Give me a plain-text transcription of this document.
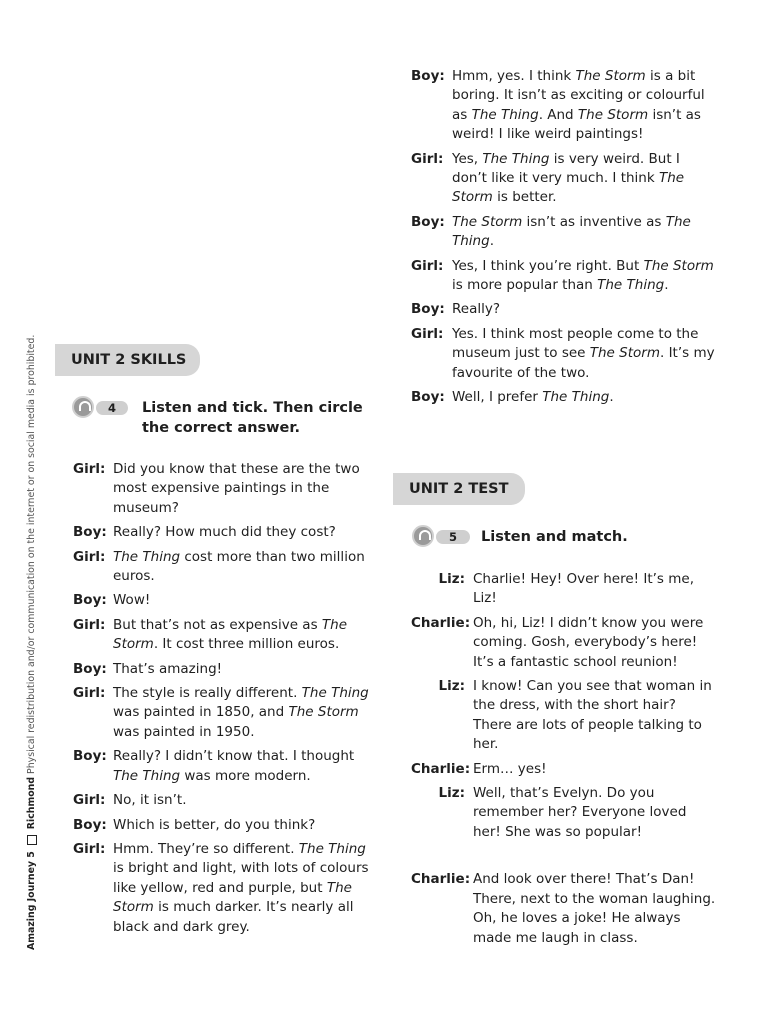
Amazing Journey 5  Richmond Physical redistribution and/or communication on the internet or on social media is prohibited.	UNIT 2 SKILLS
4	Listen and tick. Then circle the correct answer.
Girl: Did you know that these are the two most expensive paintings in the museum?
Boy: Really? How much did they cost?
Girl: The Thing cost more than two million euros.
Boy: Wow!
Girl: But that’s not as expensive as The Storm. It cost three million euros.
Boy: That’s amazing!
Girl: The style is really different. The Thing was painted in 1850, and The Storm was painted in 1950.
Boy: Really? I didn’t know that. I thought The Thing was more modern.
Girl: No, it isn’t.
Boy: Which is better, do you think?
Girl: Hmm. They’re so different. The Thing is bright and light, with lots of colours like yellow, red and purple, but The Storm is much darker. It’s nearly all black and dark grey.
Boy: Hmm, yes. I think The Storm is a bit boring. It isn’t as exciting or colourful as The Thing. And The Storm isn’t as weird! I like weird paintings!
Girl: Yes, The Thing is very weird. But I don’t like it very much. I think The Storm is better.
Boy: The Storm isn’t as inventive as The Thing.
Girl: Yes, I think you’re right. But The Storm is more popular than The Thing.
Boy: Really?
Girl: Yes. I think most people come to the museum just to see The Storm. It’s my favourite of the two.
Boy: Well, I prefer The Thing.
UNIT 2 TEST
5	Listen and match.
Liz: Charlie! Hey! Over here! It’s me, Liz!
Charlie: Oh, hi, Liz! I didn’t know you were coming. Gosh, everybody’s here! It’s a fantastic school reunion!
Liz: I know! Can you see that woman in the dress, with the short hair? There are lots of people talking to her.
Charlie: Erm… yes!
Liz: Well, that’s Evelyn. Do you remember her? Everyone loved her! She was so popular!
Charlie: And look over there! That’s Dan! There, next to the woman laughing. Oh, he loves a joke! He always made me laugh in class.
